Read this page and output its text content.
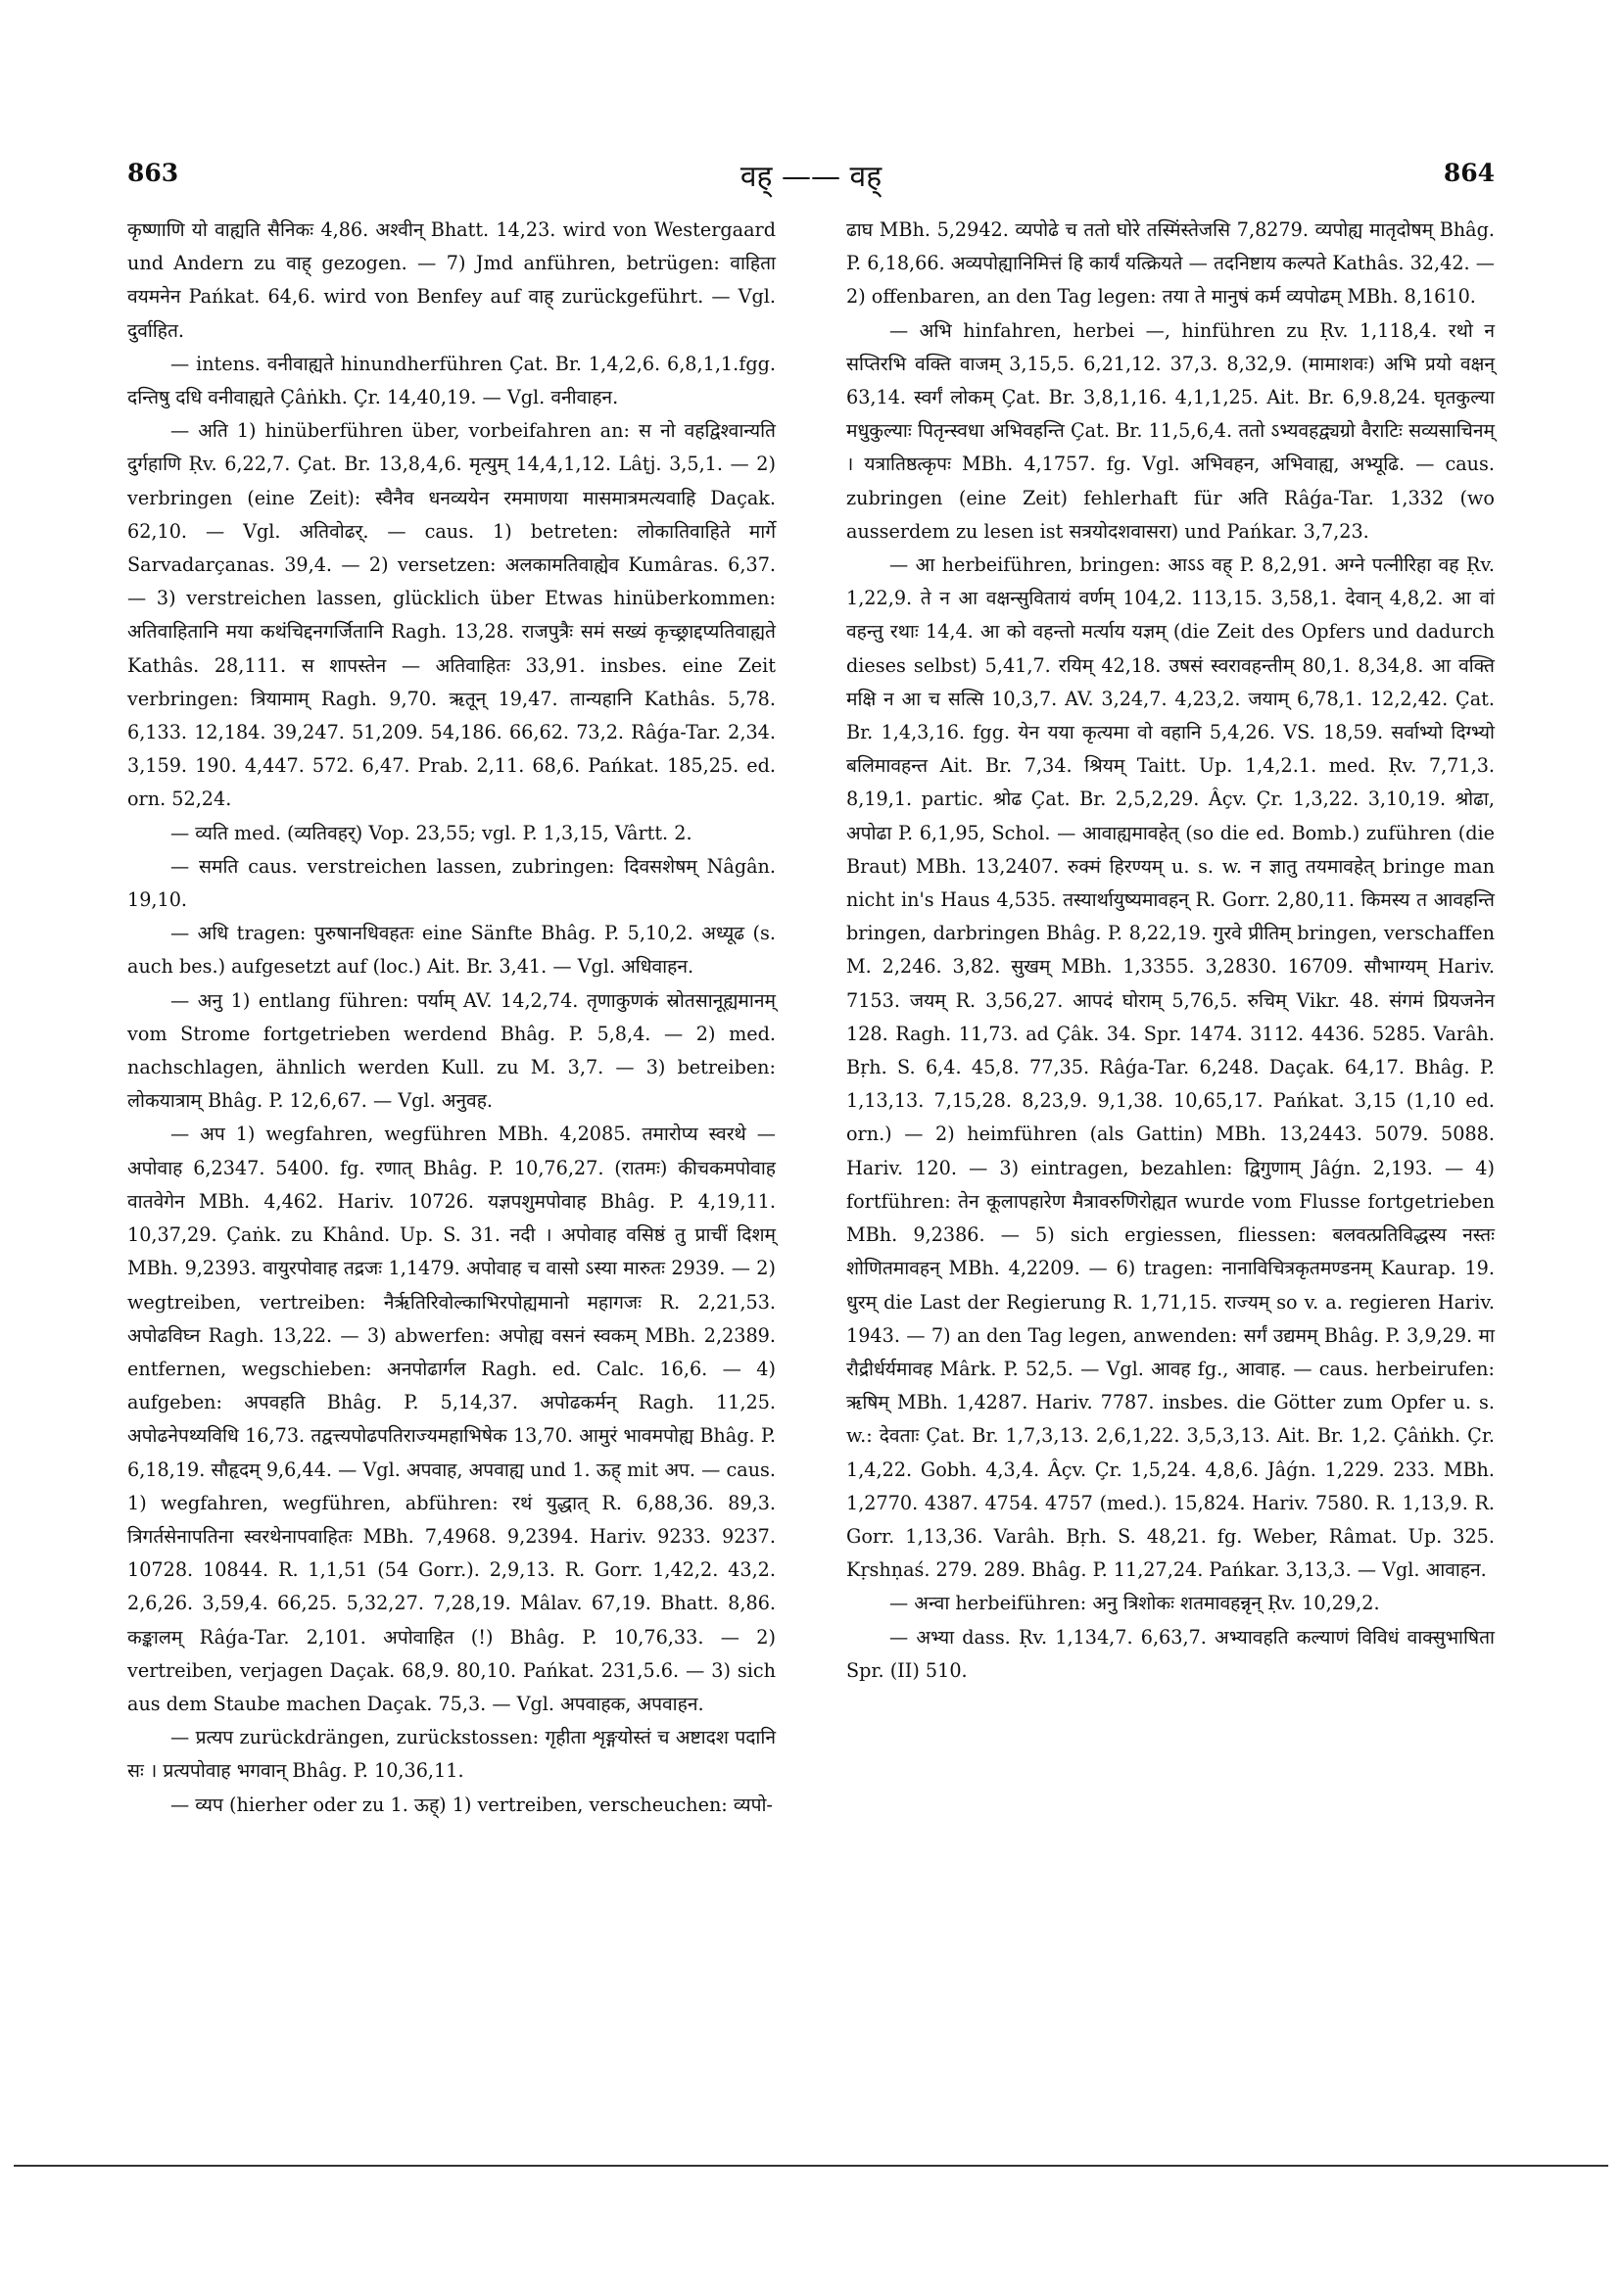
863	वह् —— वह्	864

कृष्णाणि यो वाह्यति सैनिकः 4,86. अश्वीन् Bhatt. 14,23. wird von Westergaard und Andern zu वाह् gezogen. — 7) Jmd anführen, betrügen: वाहिता वयमनेन Pańkat. 64,6. wird von Benfey auf वाह् zurückgeführt. — Vgl. दुर्वाहित.

— intens. वनीवाह्यते hinundherführen Çat. Br. 1,4,2,6. 6,8,1,1.fgg. दन्तिषु दधि वनीवाह्यते Çâṅkh. Çr. 14,40,19. — Vgl. वनीवाहन.

— अति 1) hinüberführen über, vorbeifahren an: स नो वहद्विश्वान्यति दुर्गहाणि Ṛv. 6,22,7. Çat. Br. 13,8,4,6. मृत्युम् 14,4,1,12. Lâṭj. 3,5,1. — 2) verbringen (eine Zeit): स्वैनैव धनव्ययेन रममाणया मासमात्रमत्यवाहि Daçak. 62,10. — Vgl. अतिवोढर्. — caus. 1) betreten: लोकातिवाहिते मार्गे Sarvadarçanas. 39,4. — 2) versetzen: अलकामतिवाह्येव Kumâras. 6,37. — 3) verstreichen lassen, glücklich über Etwas hinüberkommen: अतिवाहितानि मया कथंचिद्दनगर्जितानि Ragh. 13,28. राजपुत्रैः समं सख्यं कृच्छ्राद्दप्यतिवाह्यते Kathâs. 28,111. स शापस्तेन — अतिवाहितः 33,91. insbes. eine Zeit verbringen: त्रियामाम् Ragh. 9,70. ऋतून् 19,47. तान्यहानि Kathâs. 5,78. 6,133. 12,184. 39,247. 51,209. 54,186. 66,62. 73,2. Râǵa-Tar. 2,34. 3,159. 190. 4,447. 572. 6,47. Prab. 2,11. 68,6. Pańkat. 185,25. ed. orn. 52,24.

— व्यति med. (व्यतिवहर्) Vop. 23,55; vgl. P. 1,3,15, Vârtt. 2.

— समति caus. verstreichen lassen, zubringen: दिवसशेषम् Nâgân. 19,10.

— अधि tragen: पुरुषानधिवहतः eine Sänfte Bhâg. P. 5,10,2. अध्यूढ (s. auch bes.) aufgesetzt auf (loc.) Ait. Br. 3,41. — Vgl. अधिवाहन.

— अनु 1) entlang führen: पर्याम् AV. 14,2,74. तृणाकुणकं स्रोतसानूह्यमानम् vom Strome fortgetrieben werdend Bhâg. P. 5,8,4. — 2) med. nachschlagen, ähnlich werden Kull. zu M. 3,7. — 3) betreiben: लोकयात्राम् Bhâg. P. 12,6,67. — Vgl. अनुवह.

— अप 1) wegfahren, wegführen MBh. 4,2085. तमारोप्य स्वरथे — अपोवाह 6,2347. 5400. fg. रणात् Bhâg. P. 10,76,27. (रातमः) कीचकमपोवाह वातवेगेन MBh. 4,462. Hariv. 10726. यज्ञपशुमपोवाह Bhâg. P. 4,19,11. 10,37,29. Çaṅk. zu Khând. Up. S. 31. नदी । अपोवाह वसिष्ठं तु प्राचीं दिशम् MBh. 9,2393. वायुरपोवाह तद्रजः 1,1479. अपोवाह च वासो ऽस्या मारुतः 2939. — 2) wegtreiben, vertreiben: नैर्ऋतिरिवोल्काभिरपोह्यमानो महागजः R. 2,21,53. अपोढविघ्न Ragh. 13,22. — 3) abwerfen: अपोह्य वसनं स्वकम् MBh. 2,2389. entfernen, wegschieben: अनपोढार्गल Ragh. ed. Calc. 16,6. — 4) aufgeben: अपवहति Bhâg. P. 5,14,37. अपोढकर्मन् Ragh. 11,25. अपोढनेपथ्यविधि 16,73. तद्वत्त्यपोढपतिराज्यमहाभिषेक 13,70. आमुरं भावमपोह्य Bhâg. P. 6,18,19. सौहृदम् 9,6,44. — Vgl. अपवाह, अपवाह्य und 1. ऊह् mit अप. — caus. 1) wegfahren, wegführen, abführen: रथं युद्धात् R. 6,88,36. 89,3. त्रिगर्तसेनापतिना स्वरथेनापवाहितः MBh. 7,4968. 9,2394. Hariv. 9233. 9237. 10728. 10844. R. 1,1,51 (54 Gorr.). 2,9,13. R. Gorr. 1,42,2. 43,2. 2,6,26. 3,59,4. 66,25. 5,32,27. 7,28,19. Mâlav. 67,19. Bhatt. 8,86. कङ्कालम् Râǵa-Tar. 2,101. अपोवाहित (!) Bhâg. P. 10,76,33. — 2) vertreiben, verjagen Daçak. 68,9. 80,10. Pańkat. 231,5.6. — 3) sich aus dem Staube machen Daçak. 75,3. — Vgl. अपवाहक, अपवाहन.

— प्रत्यप zurückdrängen, zurückstossen: गृहीता शृङ्गयोस्तं च अष्टादश पदानि सः । प्रत्यपोवाह भगवान् Bhâg. P. 10,36,11.

— व्यप (hierher oder zu 1. ऊह्) 1) vertreiben, verscheuchen: व्यपो-

ढाघ MBh. 5,2942. व्यपोढे च ततो घोरे तस्मिंस्तेजसि 7,8279. व्यपोह्य मातृदोषम् Bhâg. P. 6,18,66. अव्यपोह्यानिमित्तं हि कार्यं यत्क्रियते — तदनिष्टाय कल्पते Kathâs. 32,42. — 2) offenbaren, an den Tag legen: तया ते मानुषं कर्म व्यपोढम् MBh. 8,1610.

— अभि hinfahren, herbei —, hinführen zu Ṛv. 1,118,4. रथो न सप्तिरभि वक्ति वाजम् 3,15,5. 6,21,12. 37,3. 8,32,9. (मामाशवः) अभि प्रयो वक्षन् 63,14. स्वर्गं लोकम् Çat. Br. 3,8,1,16. 4,1,1,25. Ait. Br. 6,9.8,24. घृतकुल्या मधुकुल्याः पितृन्स्वधा अभिवहन्ति Çat. Br. 11,5,6,4. ततो ऽभ्यवहद्व्यग्रो वैराटिः सव्यसाचिनम् । यत्रातिष्ठत्कृपः MBh. 4,1757. fg. Vgl. अभिवहन, अभिवाह्य, अभ्यूढि. — caus. zubringen (eine Zeit) fehlerhaft für अति Râǵa-Tar. 1,332 (wo ausserdem zu lesen ist सत्रयोदशवासरा) und Pańkar. 3,7,23.

— आ herbeiführen, bringen: आऽऽ वह् P. 8,2,91. अग्ने पत्नीरिहा वह Ṛv. 1,22,9. ते न आ वक्षन्सुवितायं वर्णम् 104,2. 113,15. 3,58,1. देवान् 4,8,2. आ वां वहन्तु रथाः 14,4. आ को वहन्तो मर्त्याय यज्ञम् (die Zeit des Opfers und dadurch dieses selbst) 5,41,7. रयिम् 42,18. उषसं स्वरावहन्तीम् 80,1. 8,34,8. आ वक्ति मक्षि न आ च सत्सि 10,3,7. AV. 3,24,7. 4,23,2. जयाम् 6,78,1. 12,2,42. Çat. Br. 1,4,3,16. fgg. येन यया कृत्यमा वो वहानि 5,4,26. VS. 18,59. सर्वाभ्यो दिग्भ्यो बलिमावहन्त Ait. Br. 7,34. श्रियम् Taitt. Up. 1,4,2.1. med. Ṛv. 7,71,3. 8,19,1. partic. श्रोढ Çat. Br. 2,5,2,29. Âçv. Çr. 1,3,22. 3,10,19. श्रोढा, अपोढा P. 6,1,95, Schol. — आवाह्यमावहेत् (so die ed. Bomb.) zuführen (die Braut) MBh. 13,2407. रुक्मं हिरण्यम् u. s. w. न ज्ञातु तयमावहेत् bringe man nicht in's Haus 4,535. तस्यार्थायुष्यमावहन् R. Gorr. 2,80,11. किमस्य त आवहन्ति bringen, darbringen Bhâg. P. 8,22,19. गुरवे प्रीतिम् bringen, verschaffen M. 2,246. 3,82. सुखम् MBh. 1,3355. 3,2830. 16709. सौभाग्यम् Hariv. 7153. जयम् R. 3,56,27. आपदं घोराम् 5,76,5. रुचिम् Vikr. 48. संगमं प्रियजनेन 128. Ragh. 11,73. ad Çâk. 34. Spr. 1474. 3112. 4436. 5285. Varâh. Bṛh. S. 6,4. 45,8. 77,35. Râǵa-Tar. 6,248. Daçak. 64,17. Bhâg. P. 1,13,13. 7,15,28. 8,23,9. 9,1,38. 10,65,17. Pańkat. 3,15 (1,10 ed. orn.) — 2) heimführen (als Gattin) MBh. 13,2443. 5079. 5088. Hariv. 120. — 3) eintragen, bezahlen: द्विगुणाम् Jâǵn. 2,193. — 4) fortführen: तेन कूलापहारेण मैत्रावरुणिरोह्यत wurde vom Flusse fortgetrieben MBh. 9,2386. — 5) sich ergiessen, fliessen: बलवत्प्रतिविद्धस्य नस्तः शोणितमावहन् MBh. 4,2209. — 6) tragen: नानाविचित्रकृतमण्डनम् Kaurap. 19. धुरम् die Last der Regierung R. 1,71,15. राज्यम् so v. a. regieren Hariv. 1943. — 7) an den Tag legen, anwenden: सर्गं उद्यमम् Bhâg. P. 3,9,29. मा रौद्रीर्धर्यमावह Mârk. P. 52,5. — Vgl. आवह fg., आवाह. — caus. herbeirufen: ऋषिम् MBh. 1,4287. Hariv. 7787. insbes. die Götter zum Opfer u. s. w.: देवताः Çat. Br. 1,7,3,13. 2,6,1,22. 3,5,3,13. Ait. Br. 1,2. Çâṅkh. Çr. 1,4,22. Gobh. 4,3,4. Âçv. Çr. 1,5,24. 4,8,6. Jâǵn. 1,229. 233. MBh. 1,2770. 4387. 4754. 4757 (med.). 15,824. Hariv. 7580. R. 1,13,9. R. Gorr. 1,13,36. Varâh. Bṛh. S. 48,21. fg. Weber, Râmat. Up. 325. Kṛshṇaś. 279. 289. Bhâg. P. 11,27,24. Pańkar. 3,13,3. — Vgl. आवाहन.

— अन्वा herbeiführen: अनु त्रिशोकः शतमावहन्नृन् Ṛv. 10,29,2.

— अभ्या dass. Ṛv. 1,134,7. 6,63,7. अभ्यावहति कल्याणं विविधं वाक्सुभाषिता Spr. (II) 510.
